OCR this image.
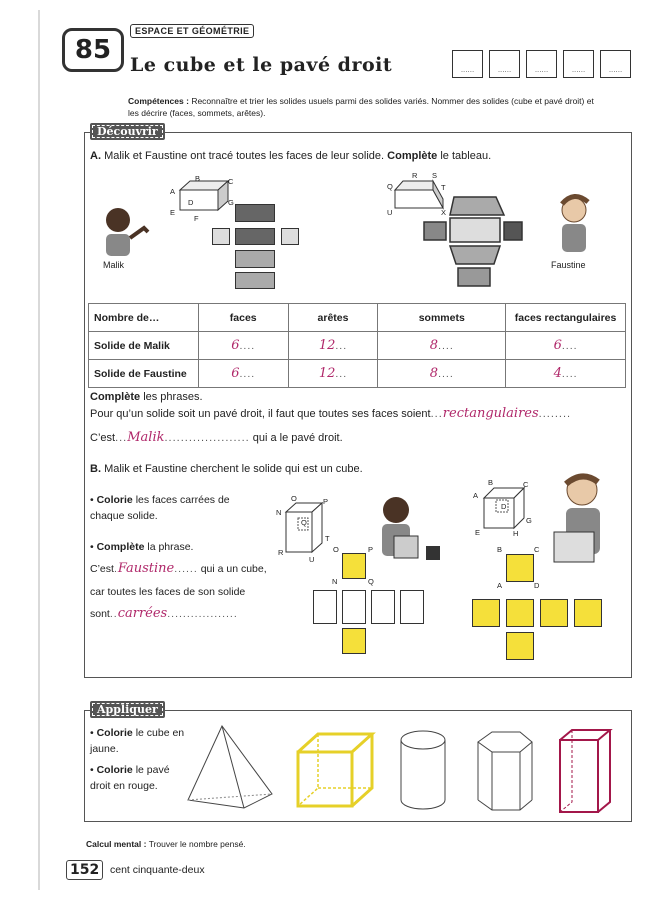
85
ESPACE ET GÉOMÉTRIE
Le cube et le pavé droit	......	......	......	......	......
Compétences : Reconnaître et trier les solides usuels parmi des solides variés. Nommer des solides (cube et pavé droit) et les décrire (faces, sommets, arêtes).
Découvrir
A. Malik et Faustine ont tracé toutes les faces de leur solide. Complète le tableau.
Malik
A
B	C
D
E
F
G
Q
R S
T
U	X
Faustine
Nombre de…	faces	arêtes	sommets	faces rectangulaires
Solide de Malik	6....	12...	8....	6....
Solide de Faustine	6....	12...	8....	4....
Complète les phrases.
Pour qu’un solide soit un pavé droit, il faut que toutes ses faces soient...rectangulaires........
C’est...Malik..................... qui a le pavé droit.
B. Malik et Faustine cherchent le solide qui est un cube.
• Colorie les faces carrées de chaque solide.
• Complète la phrase.
C’est.Faustine...... qui a un cube,
car toutes les faces de son solide
sont..carrées..................
O	P
N
Q
R
T
U
O	P
N	Q
B	C
A
D
E	H
G
B	C
A	D
Appliquer
• Colorie le cube en jaune.
• Colorie le pavé droit en rouge.
Calcul mental : Trouver le nombre pensé.
152	cent cinquante-deux
